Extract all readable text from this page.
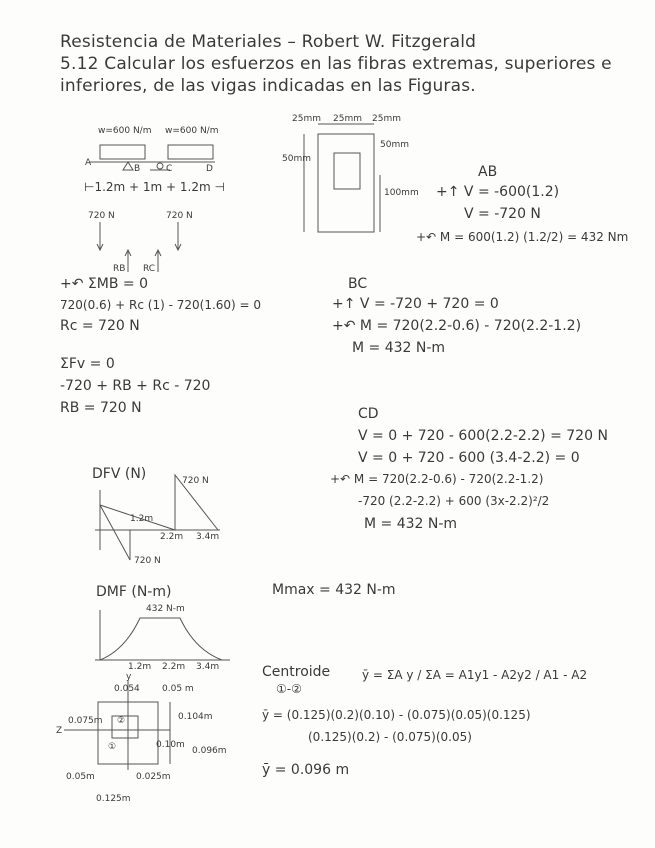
Resistencia de Materiales – Robert W. Fitzgerald
5.12 Calcular los esfuerzos en las fibras extremas, superiores e
inferiores, de las vigas indicadas en las Figuras.
w=600 N/m w=600 N/m
A
B	C	D
⊢1.2m + 1m + 1.2m ⊣
720 N	720 N
RB RC
25mm 25mm 25mm
50mm
50mm
100mm
AB
+↑ V = -600(1.2)
V = -720 N
+↶ M = 600(1.2) (1.2/2) = 432 Nm
+↶ ΣMB = 0
720(0.6) + Rc (1) - 720(1.60) = 0
Rc = 720 N
ΣFv = 0
-720 + RB + Rc - 720
RB = 720 N
BC
+↑ V = -720 + 720 = 0
+↶ M = 720(2.2-0.6) - 720(2.2-1.2)
M = 432 N-m
CD
V = 0 + 720 - 600(2.2-2.2) = 720 N
V = 0 + 720 - 600 (3.4-2.2) = 0
+↶ M = 720(2.2-0.6) - 720(2.2-1.2)
-720 (2.2-2.2) + 600 (3x-2.2)²/2
M = 432 N-m
DFV (N)	720 N
720 N
1.2m
2.2m 3.4m
DMF (N-m)
432 N-m
1.2m 2.2m 3.4m
Mmax = 432 N-m
Centroide
①-②
ȳ = ΣA y / ΣA = A1y1 - A2y2 / A1 - A2
ȳ = (0.125)(0.2)(0.10) - (0.075)(0.05)(0.125)
(0.125)(0.2) - (0.075)(0.05)
ȳ = 0.096 m
y
0.054 0.05 m
0.104m
0.10m
0.096m
0.075m
Z
②
①
0.05m	0.025m
0.125m
